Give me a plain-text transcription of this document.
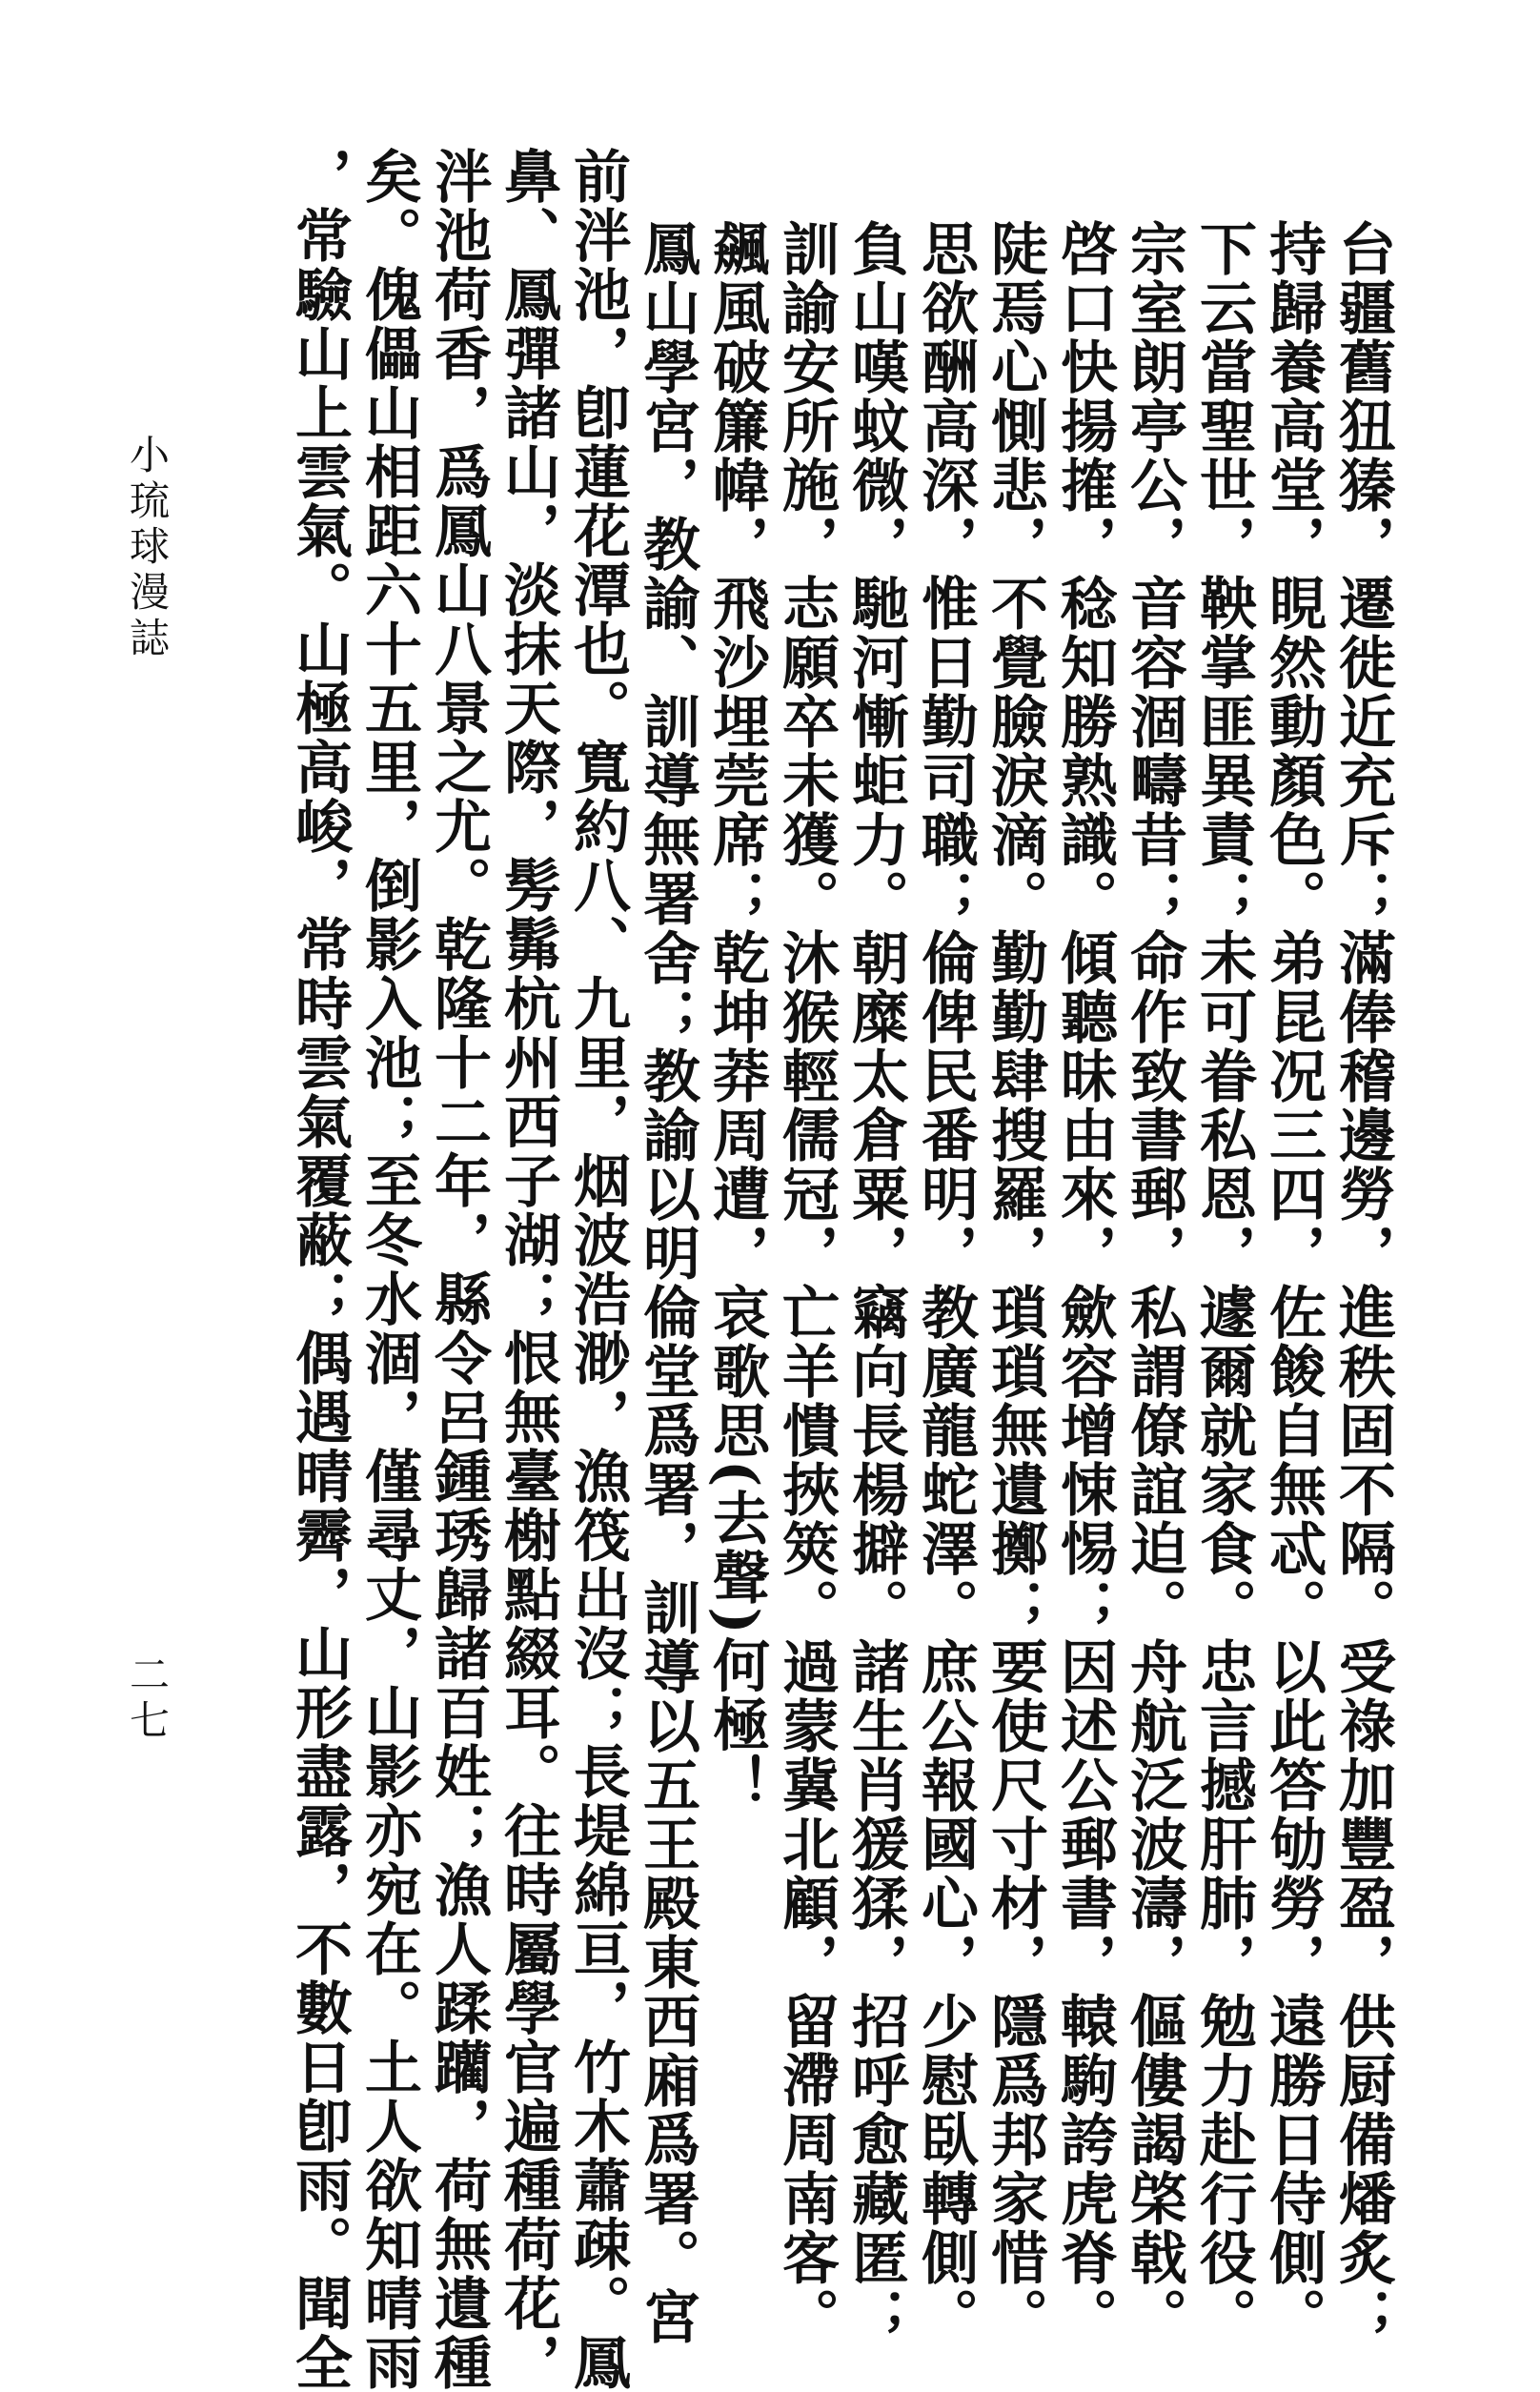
小琉球漫誌
二七	台疆舊狃獉，遷徙近充斥；滿俸稽邊勞，進秩固不隔。受祿加豐盈，供厨備燔炙；
持歸養高堂，睍然動顏色。弟昆况三四，佐餕自無忒。以此答劬勞，遠勝日侍側。
下云當聖世，鞅掌匪異責；未可眷私恩，遽爾就家食。忠言撼肝肺，勉力赴行役。
宗室朗亭公，音容涸疇昔；命作致書郵，私謂僚誼迫。舟航泛波濤，傴僂謁棨戟。
啓口快揚搉，稔知勝熟識。傾聽昧由來，歛容增悚惕；因述公郵書，轅駒誇虎脊。
陡焉心惻悲，不覺臉淚滴。勤勤肆搜羅，瑣瑣無遺擲；要使尺寸材，隱爲邦家惜。
思欲酬高深，惟日勤司職；倫俾民番明，教廣龍蛇澤。庶公報國心，少慰臥轉側。
負山嘆蚊微，馳河慚蚷力。朝糜太倉粟，竊向長楊擗。諸生肖猨猱，招呼愈藏匿；
訓諭安所施，志願卒未獲。沐猴輕儒冠，亡羊憒挾筴。過蒙冀北顧，留滯周南客。
飆風破簾幃，飛沙埋莞席；乾坤莽周遭，哀歌思(去聲)何極！
鳳山學宮，教諭、訓導無署舍；教諭以明倫堂爲署，訓導以五王殿東西廂爲署。宮
前泮池，卽蓮花潭也。寬約八、九里，烟波浩渺，漁筏出沒；長堤綿亘，竹木蕭疎。鳳
鼻、鳳彈諸山，淡抹天際，髣髴杭州西子湖；恨無臺榭點綴耳。往時屬學官遍種荷花，
泮池荷香，爲鳳山八景之尤。乾隆十二年，縣令呂鍾琇歸諸百姓；漁人蹂躪，荷無遺種
矣。傀儡山相距六十五里，倒影入池；至冬水涸，僅尋丈，山影亦宛在。土人欲知晴雨
，常驗山上雲氣。山極高峻，常時雲氣覆蔽；偶遇晴霽，山形盡露，不數日卽雨。聞全
